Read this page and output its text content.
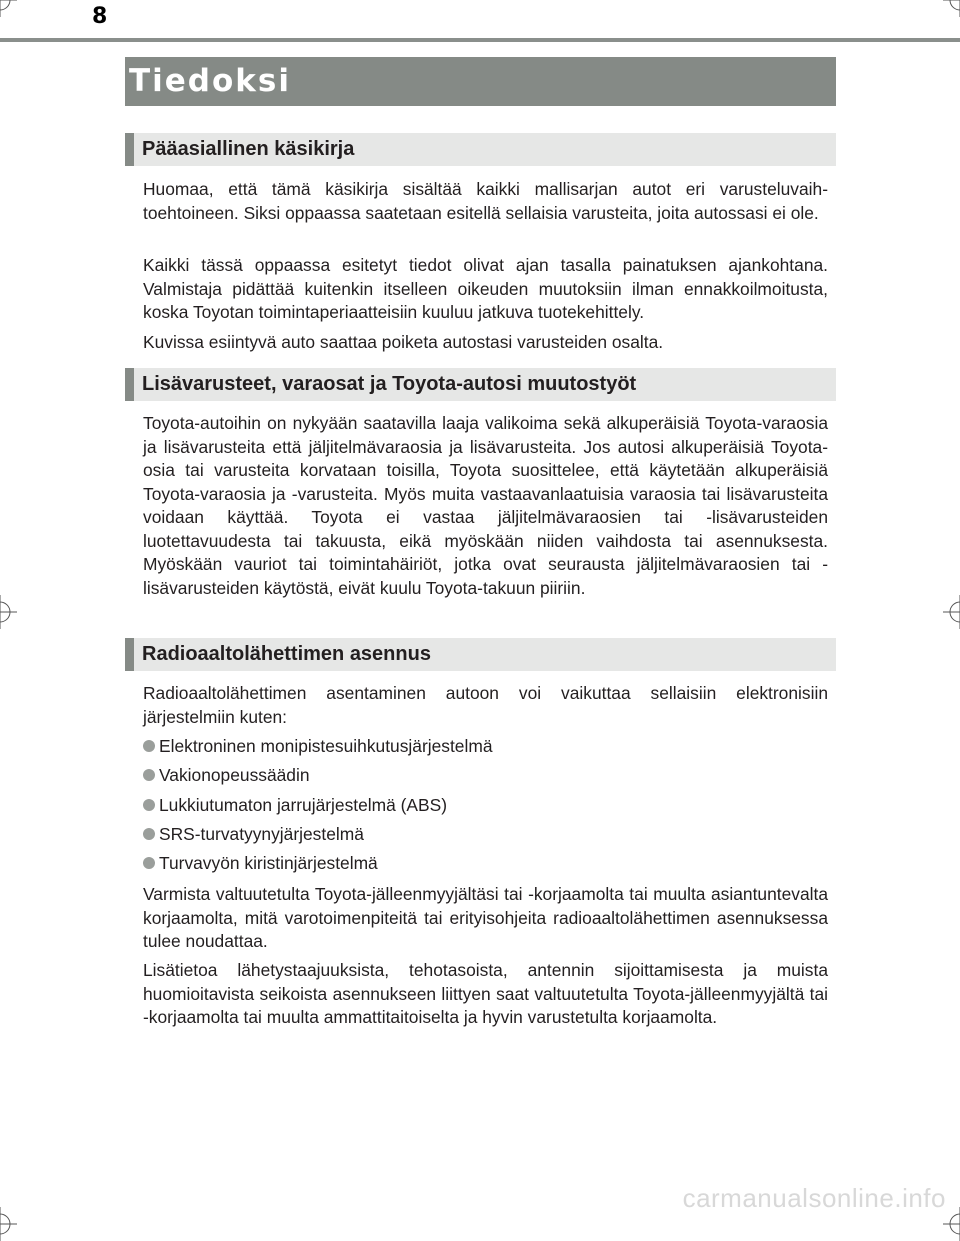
8
Tiedoksi
Pääasiallinen käsikirja

Huomaa, että tämä käsikirja sisältää kaikki mallisarjan autot eri varusteluvaihtoehtoineen. Siksi oppaassa saatetaan esitellä sellaisia varusteita, joita autossasi ei ole.

Kaikki tässä oppaassa esitetyt tiedot olivat ajan tasalla painatuksen ajankohtana. Valmistaja pidättää kuitenkin itselleen oikeuden muutoksiin ilman ennakkoilmoitusta, koska Toyotan toimintaperiaatteisiin kuuluu jatkuva tuotekehittely.

Kuvissa esiintyvä auto saattaa poiketa autostasi varusteiden osalta.

Lisävarusteet, varaosat ja Toyota-autosi muutostyöt

Toyota-autoihin on nykyään saatavilla laaja valikoima sekä alkuperäisiä Toyota-varaosia ja lisävarusteita että jäljitelmävaraosia ja lisävarusteita. Jos autosi alkuperäisiä Toyota-osia tai varusteita korvataan toisilla, Toyota suosittelee, että käytetään alkuperäisiä Toyota-varaosia ja -varusteita. Myös muita vastaavanlaatuisia varaosia tai lisävarusteita voidaan käyttää. Toyota ei vastaa jäljitelmävaraosien tai -lisävarusteiden luotettavuudesta tai takuusta, eikä myöskään niiden vaihdosta tai asennuksesta. Myöskään vauriot tai toimintahäiriöt, jotka ovat seurausta jäljitelmävaraosien tai -lisävarusteiden käytöstä, eivät kuulu Toyota-takuun piiriin.

Radioaaltolähettimen asennus

Radioaaltolähettimen asentaminen autoon voi vaikuttaa sellaisiin elektronisiin järjestelmiin kuten:

Elektroninen monipistesuihkutusjärjestelmä
Vakionopeussäädin
Lukkiutumaton jarrujärjestelmä (ABS)
SRS-turvatyynyjärjestelmä
Turvavyön kiristinjärjestelmä

Varmista valtuutetulta Toyota-jälleenmyyjältäsi tai -korjaamolta tai muulta asiantuntevalta korjaamolta, mitä varotoimenpiteitä tai erityisohjeita radioaaltolähettimen asennuksessa tulee noudattaa.

Lisätietoa lähetystaajuuksista, tehotasoista, antennin sijoittamisesta ja muista huomioitavista seikoista asennukseen liittyen saat valtuutetulta Toyota-jälleenmyyjältä tai -korjaamolta tai muulta ammattitaitoiselta ja hyvin varustetulta korjaamolta.

carmanualsonline.info
